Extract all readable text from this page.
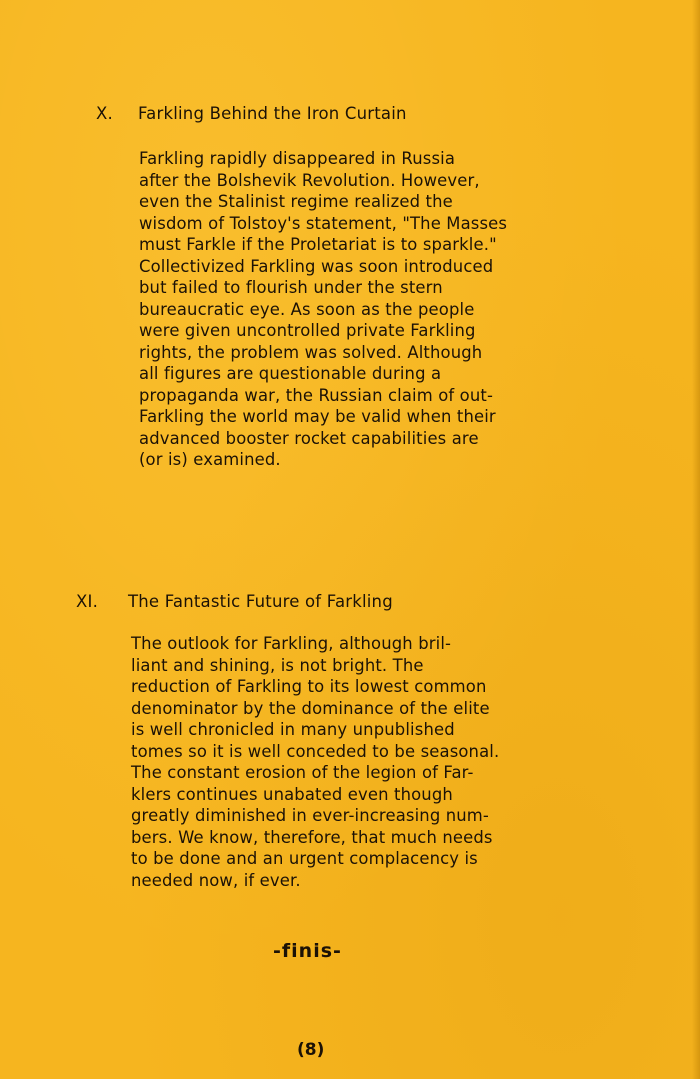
X. Farkling Behind the Iron Curtain
Farkling rapidly disappeared in Russia
after the Bolshevik Revolution. However,
even the Stalinist regime realized the
wisdom of Tolstoy's statement, "The Masses
must Farkle if the Proletariat is to sparkle."
Collectivized Farkling was soon introduced
but failed to flourish under the stern
bureaucratic eye. As soon as the people
were given uncontrolled private Farkling
rights, the problem was solved. Although
all figures are questionable during a
propaganda war, the Russian claim of out-
Farkling the world may be valid when their
advanced booster rocket capabilities are
(or is) examined.
XI. The Fantastic Future of Farkling
The outlook for Farkling, although bril-
liant and shining, is not bright. The
reduction of Farkling to its lowest common
denominator by the dominance of the elite
is well chronicled in many unpublished
tomes so it is well conceded to be seasonal.
The constant erosion of the legion of Far-
klers continues unabated even though
greatly diminished in ever-increasing num-
bers. We know, therefore, that much needs
to be done and an urgent complacency is
needed now, if ever.
-finis-
(8)
